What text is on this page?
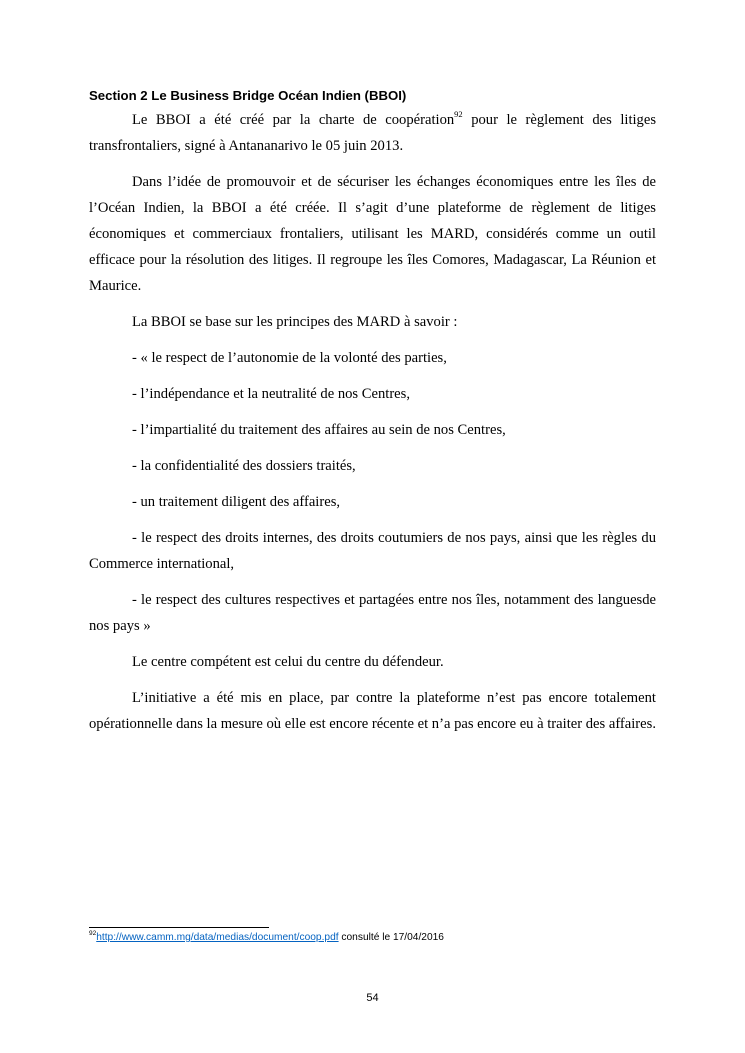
Section 2 Le Business Bridge Océan Indien (BBOI)

Le BBOI a été créé par la charte de coopération$^{92}$ pour le règlement des litiges transfrontaliers, signé à Antananarivo le 05 juin 2013.

Dans l’idée de promouvoir et de sécuriser les échanges économiques entre les îles de l’Océan Indien, la BBOI a été créée. Il s’agit d’une plateforme de règlement de litiges économiques et commerciaux frontaliers, utilisant les MARD, considérés comme un outil efficace pour la résolution des litiges. Il regroupe les îles Comores, Madagascar, La Réunion et Maurice.

La BBOI se base sur les principes des MARD à savoir :

- « le respect de l’autonomie de la volonté des parties,

- l’indépendance et la neutralité de nos Centres,

- l’impartialité du traitement des affaires au sein de nos Centres,

- la confidentialité des dossiers traités,

- un traitement diligent des affaires,

- le respect des droits internes, des droits coutumiers de nos pays, ainsi que les règles du Commerce international,

- le respect des cultures respectives et partagées entre nos îles, notamment des languesde nos pays »

Le centre compétent est celui du centre du défendeur.

L’initiative a été mis en place, par contre la plateforme n’est pas encore totalement opérationnelle dans la mesure où elle est encore récente et n’a pas encore eu à traiter des affaires.

$^{92}$http://www.camm.mg/data/medias/document/coop.pdf consulté le 17/04/2016
54
